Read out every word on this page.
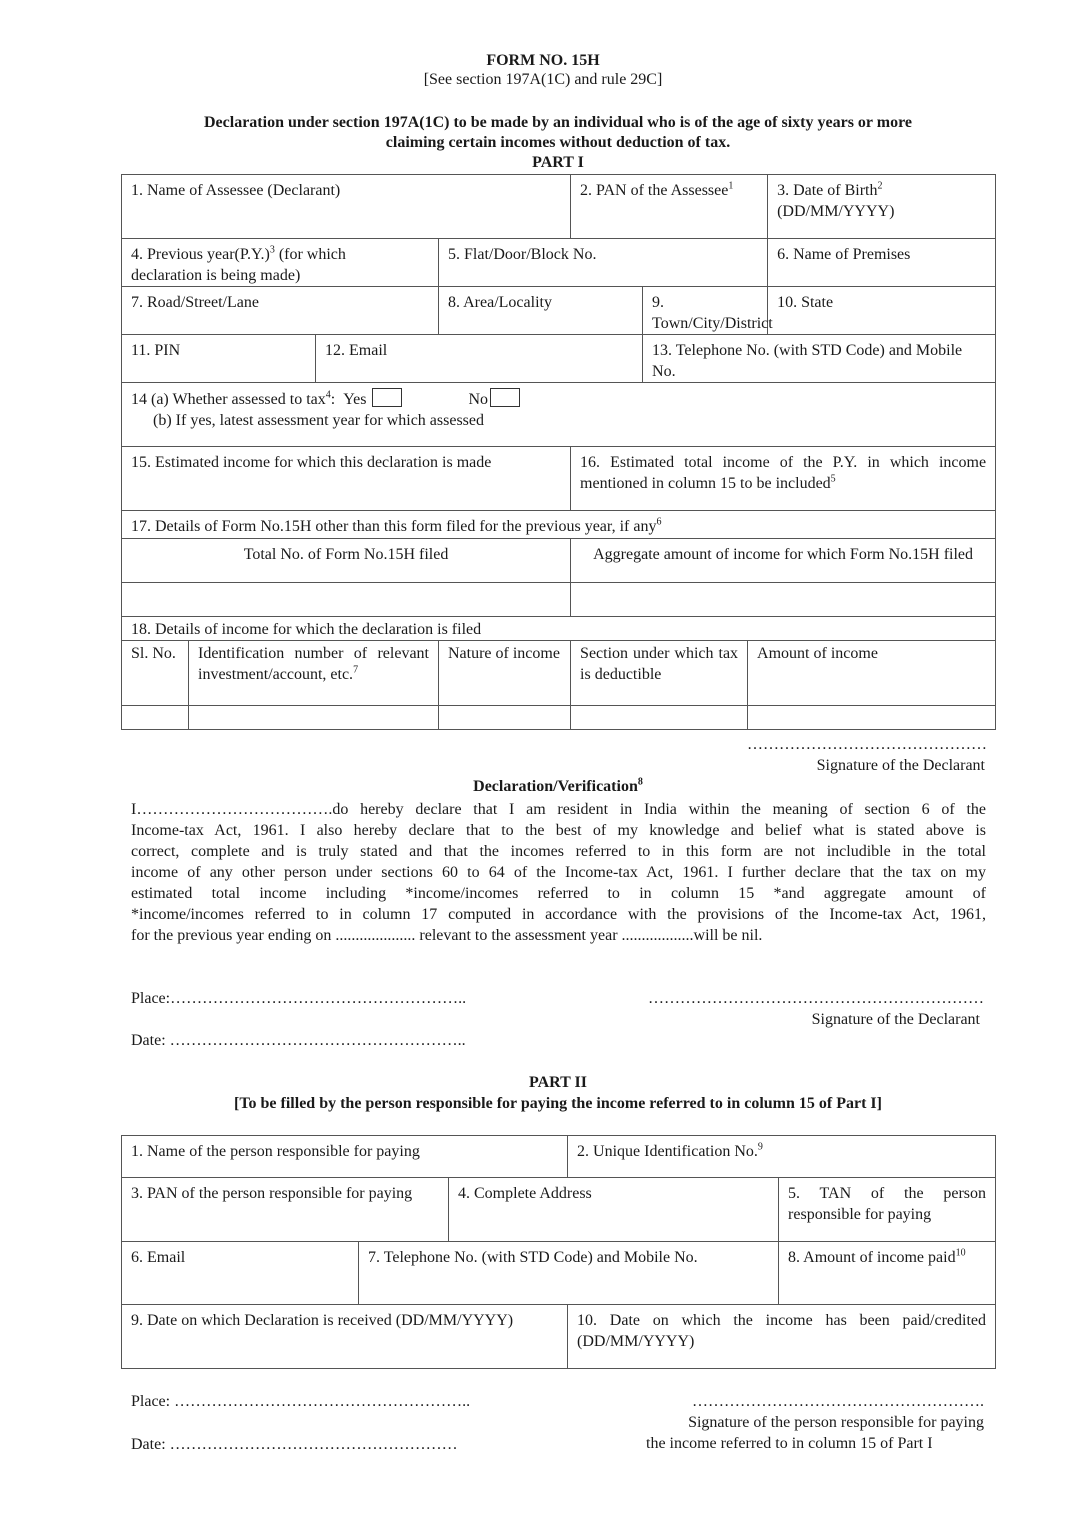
FORM NO. 15H
[See section 197A(1C) and rule 29C]
Declaration under section 197A(1C) to be made by an individual who is of the age of sixty years or more
claiming certain incomes without deduction of tax.
PART I
1. Name of Assessee (Declarant)				2. PAN of the Assessee$^1$			3. Date of Birth$^2$
(DD/MM/YYYY)
4. Previous $year(P.Y.)^3$ (for which
declaration is being made)			5. Flat/Door/Block No.				6. Name of Premises
7. Road/Street/Lane			8. Area/Locality		9. Town/City/District		10. State
11. PIN		12. Email			13. Telephone No. (with STD Code) and Mobile No.		
14 (a) Whether assessed to tax$^4$: Yes No
(b) If yes, latest assessment year for which assessed							
15. Estimated income for which this declaration is made				16. Estimated total income of the P.Y. in which income mentioned in column 15 to be included$^5$
17. Details of Form No.15H other than this form filed for the previous year, if any$^6$
Total No. of Form No.15H filed				Aggregate amount of income for which Form No.15H filed			

18. Details of income for which the declaration is filed							
Sl. No.	Identification number of relevant investment/account, etc.$^7$		Nature of income	Section under which tax is deductible		Amount of income	

………………………………………
Signature of the Declarant
Declaration/Verification$^8$
I……………………………….do hereby declare that I am resident in India within the meaning of section 6 of the
Income-tax Act, 1961. I also hereby declare that to the best of my knowledge and belief what is stated above is
correct, complete and is truly stated and that the incomes referred to in this form are not includible in the total
income of any other person under sections 60 to 64 of the Income-tax Act, 1961. I further declare that the tax on my
estimated total income including *income/incomes referred to in column 15 *and aggregate amount of
*income/incomes referred to in column 17 computed in accordance with the provisions of the Income-tax Act, 1961,
for the previous year ending on .................... relevant to the assessment year ..................will be nil.
Place:………………………………………………..	………………………………………………………
Signature of the Declarant
Date: ………………………………………………..
PART II
[To be filled by the person responsible for paying the income referred to in column 15 of Part I]
1. Name of the person responsible for paying			2. Unique Identification No.$^9$
3. PAN of the person responsible for paying		4. Complete Address		5. TAN of the person responsible for paying
6. Email	7. Telephone No. (with STD Code) and Mobile No.			8. Amount of income paid$^{10}$
9. Date on which Declaration is received (DD/MM/YYYY)			10. Date on which the income has been paid/credited (DD/MM/YYYY)	
Place: ………………………………………………..
Date: ………………………………………………
……………………………………………….
Signature of the person responsible for paying
the income referred to in column 15 of Part I
